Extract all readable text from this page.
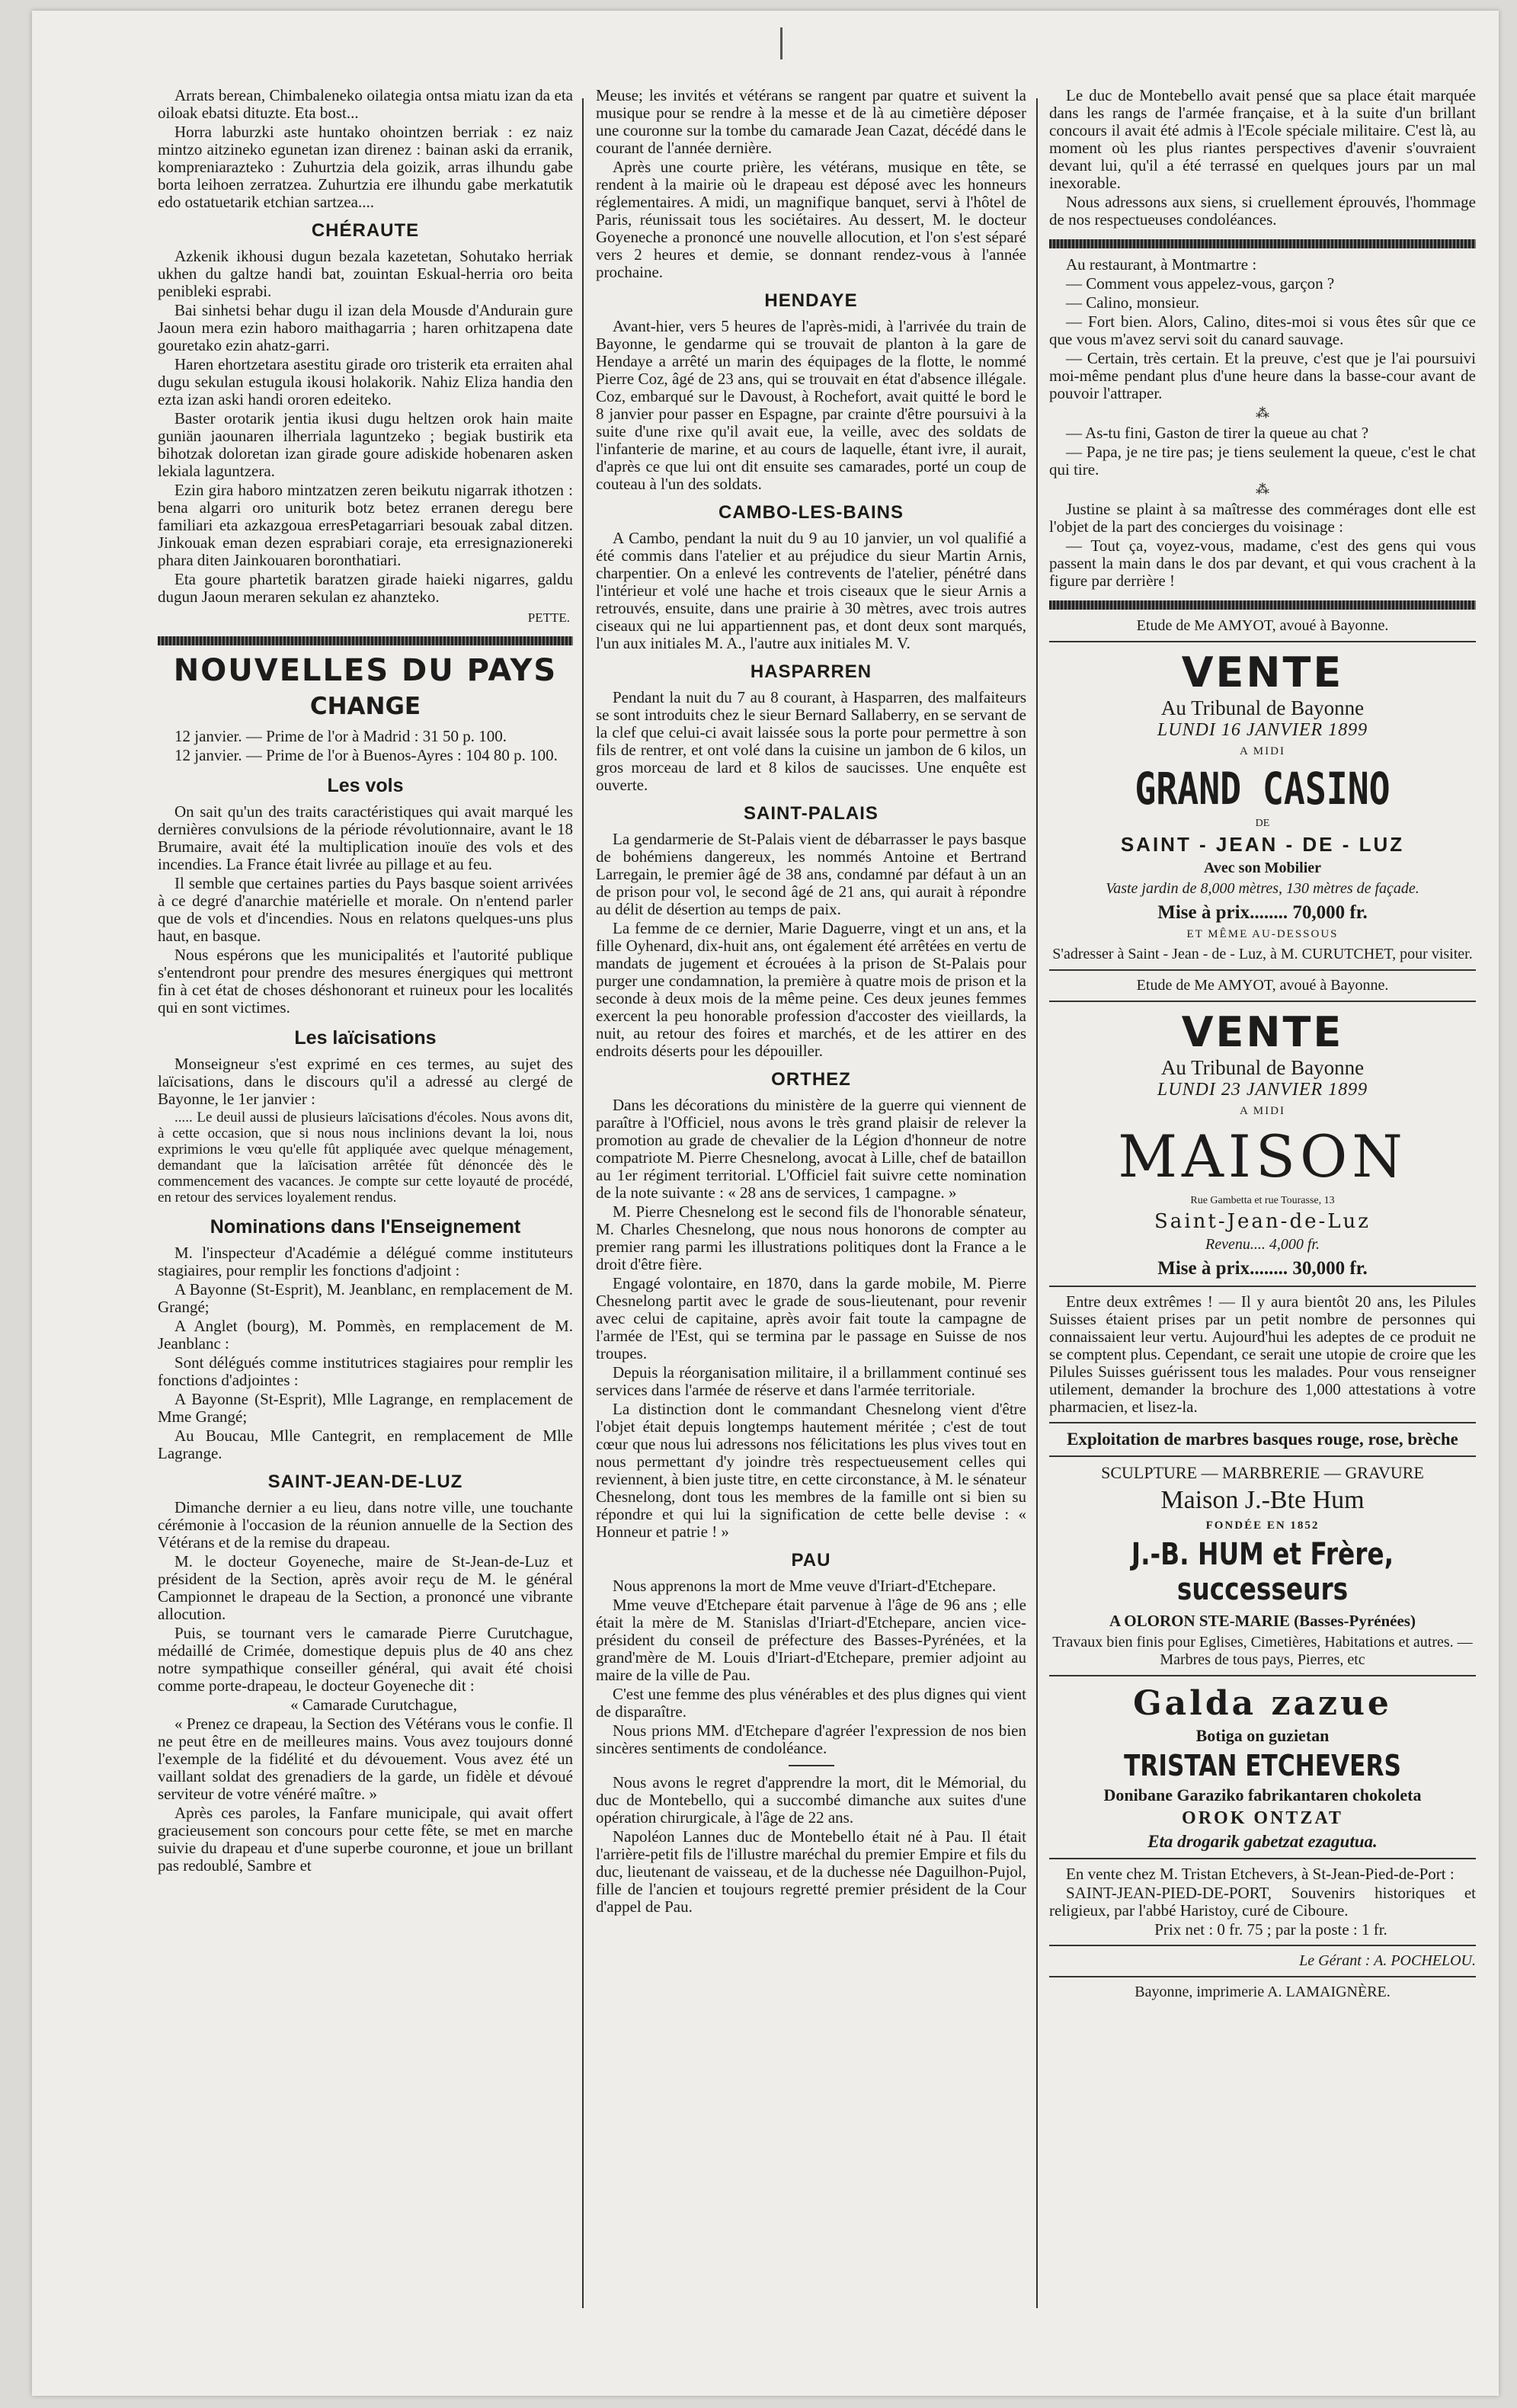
Arrats berean, Chimbaleneko oilategia ontsa miatu izan da eta oiloak ebatsi dituzte. Eta bost...

Horra laburzki aste huntako ohointzen berriak : ez naiz mintzo aitzineko egunetan izan direnez : bainan aski da erranik, kompreniarazteko : Zuhurtzia dela goizik, arras ilhundu gabe borta leihoen zerratzea. Zuhurtzia ere ilhundu gabe merkatutik edo ostatuetarik etchian sartzea....

CHÉRAUTE

Azkenik ikhousi dugun bezala kazetetan, Sohutako herriak ukhen du galtze handi bat, zouintan Eskual-herria oro beita penibleki esprabi.

Bai sinhetsi behar dugu il izan dela Mousde d'Andurain gure Jaoun mera ezin haboro maithagarria ; haren orhitzapena date gouretako ezin ahatz-garri.

Haren ehortzetara asestitu girade oro tristerik eta erraiten ahal dugu sekulan estugula ikousi holakorik. Nahiz Eliza handia den ezta izan aski handi ororen edeiteko.

Baster orotarik jentia ikusi dugu heltzen orok hain maite guniän jaounaren ilherriala laguntzeko ; begiak bustirik eta bihotzak doloretan izan girade goure adiskide hobenaren asken lekiala laguntzera.

Ezin gira haboro mintzatzen zeren beikutu nigarrak ithotzen : bena algarri oro uniturik botz betez erranen deregu bere familiari eta azkazgoua erresPetagarriari besouak zabal ditzen. Jinkouak eman dezen esprabiari coraje, eta erresignazionereki phara diten Jainkouaren boronthatiari.

Eta goure phartetik baratzen girade haieki nigarres, galdu dugun Jaoun meraren sekulan ez ahanzteko.

PETTE.
NOUVELLES DU PAYS
CHANGE

12 janvier. — Prime de l'or à Madrid : 31 50 p. 100.

12 janvier. — Prime de l'or à Buenos-Ayres : 104 80 p. 100.

Les vols

On sait qu'un des traits caractéristiques qui avait marqué les dernières convulsions de la période révolutionnaire, avant le 18 Brumaire, avait été la multiplication inouïe des vols et des incendies. La France était livrée au pillage et au feu.

Il semble que certaines parties du Pays basque soient arrivées à ce degré d'anarchie matérielle et morale. On n'entend parler que de vols et d'incendies. Nous en relatons quelques-uns plus haut, en basque.

Nous espérons que les municipalités et l'autorité publique s'entendront pour prendre des mesures énergiques qui mettront fin à cet état de choses déshonorant et ruineux pour les localités qui en sont victimes.

Les laïcisations

Monseigneur s'est exprimé en ces termes, au sujet des laïcisations, dans le discours qu'il a adressé au clergé de Bayonne, le 1er janvier :

..... Le deuil aussi de plusieurs laïcisations d'écoles. Nous avons dit, à cette occasion, que si nous nous inclinions devant la loi, nous exprimions le vœu qu'elle fût appliquée avec quelque ménagement, demandant que la laïcisation arrêtée fût dénoncée dès le commencement des vacances. Je compte sur cette loyauté de procédé, en retour des services loyalement rendus.

Nominations dans l'Enseignement

M. l'inspecteur d'Académie a délégué comme instituteurs stagiaires, pour remplir les fonctions d'adjoint :

A Bayonne (St-Esprit), M. Jeanblanc, en remplacement de M. Grangé;

A Anglet (bourg), M. Pommès, en remplacement de M. Jeanblanc :

Sont délégués comme institutrices stagiaires pour remplir les fonctions d'adjointes :

A Bayonne (St-Esprit), Mlle Lagrange, en remplacement de Mme Grangé;

Au Boucau, Mlle Cantegrit, en remplacement de Mlle Lagrange.

SAINT-JEAN-DE-LUZ

Dimanche dernier a eu lieu, dans notre ville, une touchante cérémonie à l'occasion de la réunion annuelle de la Section des Vétérans et de la remise du drapeau.

M. le docteur Goyeneche, maire de St-Jean-de-Luz et président de la Section, après avoir reçu de M. le général Campionnet le drapeau de la Section, a prononcé une vibrante allocution.

Puis, se tournant vers le camarade Pierre Curutchague, médaillé de Crimée, domestique depuis plus de 40 ans chez notre sympathique conseiller général, qui avait été choisi comme porte-drapeau, le docteur Goyeneche dit :

« Camarade Curutchague,

« Prenez ce drapeau, la Section des Vétérans vous le confie. Il ne peut être en de meilleures mains. Vous avez toujours donné l'exemple de la fidélité et du dévouement. Vous avez été un vaillant soldat des grenadiers de la garde, un fidèle et dévoué serviteur de votre vénéré maître. »

Après ces paroles, la Fanfare municipale, qui avait offert gracieusement son concours pour cette fête, se met en marche suivie du drapeau et d'une superbe couronne, et joue un brillant pas redoublé, Sambre et

Meuse; les invités et vétérans se rangent par quatre et suivent la musique pour se rendre à la messe et de là au cimetière déposer une couronne sur la tombe du camarade Jean Cazat, décédé dans le courant de l'année dernière.

Après une courte prière, les vétérans, musique en tête, se rendent à la mairie où le drapeau est déposé avec les honneurs réglementaires. A midi, un magnifique banquet, servi à l'hôtel de Paris, réunissait tous les sociétaires. Au dessert, M. le docteur Goyeneche a prononcé une nouvelle allocution, et l'on s'est séparé vers 2 heures et demie, se donnant rendez-vous à l'année prochaine.

HENDAYE

Avant-hier, vers 5 heures de l'après-midi, à l'arrivée du train de Bayonne, le gendarme qui se trouvait de planton à la gare de Hendaye a arrêté un marin des équipages de la flotte, le nommé Pierre Coz, âgé de 23 ans, qui se trouvait en état d'absence illégale. Coz, embarqué sur le Davoust, à Rochefort, avait quitté le bord le 8 janvier pour passer en Espagne, par crainte d'être poursuivi à la suite d'une rixe qu'il avait eue, la veille, avec des soldats de l'infanterie de marine, et au cours de laquelle, étant ivre, il aurait, d'après ce que lui ont dit ensuite ses camarades, porté un coup de couteau à l'un des soldats.

CAMBO-LES-BAINS

A Cambo, pendant la nuit du 9 au 10 janvier, un vol qualifié a été commis dans l'atelier et au préjudice du sieur Martin Arnis, charpentier. On a enlevé les contrevents de l'atelier, pénétré dans l'intérieur et volé une hache et trois ciseaux que le sieur Arnis a retrouvés, ensuite, dans une prairie à 30 mètres, avec trois autres ciseaux qui ne lui appartiennent pas, et dont deux sont marqués, l'un aux initiales M. A., l'autre aux initiales M. V.

HASPARREN

Pendant la nuit du 7 au 8 courant, à Hasparren, des malfaiteurs se sont introduits chez le sieur Bernard Sallaberry, en se servant de la clef que celui-ci avait laissée sous la porte pour permettre à son fils de rentrer, et ont volé dans la cuisine un jambon de 6 kilos, un gros morceau de lard et 8 kilos de saucisses. Une enquête est ouverte.

SAINT-PALAIS

La gendarmerie de St-Palais vient de débarrasser le pays basque de bohémiens dangereux, les nommés Antoine et Bertrand Larregain, le premier âgé de 38 ans, condamné par défaut à un an de prison pour vol, le second âgé de 21 ans, qui aurait à répondre au délit de désertion au temps de paix.

La femme de ce dernier, Marie Daguerre, vingt et un ans, et la fille Oyhenard, dix-huit ans, ont également été arrêtées en vertu de mandats de jugement et écrouées à la prison de St-Palais pour purger une condamnation, la première à quatre mois de prison et la seconde à deux mois de la même peine. Ces deux jeunes femmes exercent la peu honorable profession d'accoster des vieillards, la nuit, au retour des foires et marchés, et de les attirer en des endroits déserts pour les dépouiller.

ORTHEZ

Dans les décorations du ministère de la guerre qui viennent de paraître à l'Officiel, nous avons le très grand plaisir de relever la promotion au grade de chevalier de la Légion d'honneur de notre compatriote M. Pierre Chesnelong, avocat à Lille, chef de bataillon au 1er régiment territorial. L'Officiel fait suivre cette nomination de la note suivante : « 28 ans de services, 1 campagne. »

M. Pierre Chesnelong est le second fils de l'honorable sénateur, M. Charles Chesnelong, que nous nous honorons de compter au premier rang parmi les illustrations politiques dont la France a le droit d'être fière.

Engagé volontaire, en 1870, dans la garde mobile, M. Pierre Chesnelong partit avec le grade de sous-lieutenant, pour revenir avec celui de capitaine, après avoir fait toute la campagne de l'armée de l'Est, qui se termina par le passage en Suisse de nos troupes.

Depuis la réorganisation militaire, il a brillamment continué ses services dans l'armée de réserve et dans l'armée territoriale.

La distinction dont le commandant Chesnelong vient d'être l'objet était depuis longtemps hautement méritée ; c'est de tout cœur que nous lui adressons nos félicitations les plus vives tout en nous permettant d'y joindre très respectueusement celles qui reviennent, à bien juste titre, en cette circonstance, à M. le sénateur Chesnelong, dont tous les membres de la famille ont si bien su répondre et qui lui la signification de cette belle devise : « Honneur et patrie ! »

PAU

Nous apprenons la mort de Mme veuve d'Iriart-d'Etchepare.

Mme veuve d'Etchepare était parvenue à l'âge de 96 ans ; elle était la mère de M. Stanislas d'Iriart-d'Etchepare, ancien vice-président du conseil de préfecture des Basses-Pyrénées, et la grand'mère de M. Louis d'Iriart-d'Etchepare, premier adjoint au maire de la ville de Pau.

C'est une femme des plus vénérables et des plus dignes qui vient de disparaître.

Nous prions MM. d'Etchepare d'agréer l'expression de nos bien sincères sentiments de condoléance.

Nous avons le regret d'apprendre la mort, dit le Mémorial, du duc de Montebello, qui a succombé dimanche aux suites d'une opération chirurgicale, à l'âge de 22 ans.

Napoléon Lannes duc de Montebello était né à Pau. Il était l'arrière-petit fils de l'illustre maréchal du premier Empire et fils du duc, lieutenant de vaisseau, et de la duchesse née Daguilhon-Pujol, fille de l'ancien et toujours regretté premier président de la Cour d'appel de Pau.

Le duc de Montebello avait pensé que sa place était marquée dans les rangs de l'armée française, et à la suite d'un brillant concours il avait été admis à l'Ecole spéciale militaire. C'est là, au moment où les plus riantes perspectives d'avenir s'ouvraient devant lui, qu'il a été terrassé en quelques jours par un mal inexorable.

Nous adressons aux siens, si cruellement éprouvés, l'hommage de nos respectueuses condoléances.

Au restaurant, à Montmartre :

— Comment vous appelez-vous, garçon ?

— Calino, monsieur.

— Fort bien. Alors, Calino, dites-moi si vous êtes sûr que ce que vous m'avez servi soit du canard sauvage.

— Certain, très certain. Et la preuve, c'est que je l'ai poursuivi moi-même pendant plus d'une heure dans la basse-cour avant de pouvoir l'attraper.

⁂

— As-tu fini, Gaston de tirer la queue au chat ?

— Papa, je ne tire pas; je tiens seulement la queue, c'est le chat qui tire.

⁂

Justine se plaint à sa maîtresse des commérages dont elle est l'objet de la part des concierges du voisinage :

— Tout ça, voyez-vous, madame, c'est des gens qui vous passent la main dans le dos par devant, et qui vous crachent à la figure par derrière !

Etude de Me AMYOT, avoué à Bayonne.
VENTE
Au Tribunal de Bayonne
LUNDI 16 JANVIER 1899
A MIDI
GRAND CASINO
DE
SAINT - JEAN - DE - LUZ
Avec son Mobilier
Vaste jardin de 8,000 mètres, 130 mètres de façade.
Mise à prix........ 70,000 fr.
ET MÊME AU-DESSOUS
S'adresser à Saint - Jean - de - Luz, à M. CURUTCHET, pour visiter.
Etude de Me AMYOT, avoué à Bayonne.
VENTE
Au Tribunal de Bayonne
LUNDI 23 JANVIER 1899
A MIDI
MAISON
Rue Gambetta et rue Tourasse, 13
Saint-Jean-de-Luz
Revenu.... 4,000 fr.
Mise à prix........ 30,000 fr.

Entre deux extrêmes ! — Il y aura bientôt 20 ans, les Pilules Suisses étaient prises par un petit nombre de personnes qui connaissaient leur vertu. Aujourd'hui les adeptes de ce produit ne se comptent plus. Cependant, ce serait une utopie de croire que les Pilules Suisses guérissent tous les malades. Pour vous renseigner utilement, demander la brochure des 1,000 attestations à votre pharmacien, et lisez-la.

Exploitation de marbres basques rouge, rose, brèche
SCULPTURE — MARBRERIE — GRAVURE
Maison J.-Bte Hum
FONDÉE EN 1852
J.-B. HUM et Frère, successeurs
A OLORON STE-MARIE (Basses-Pyrénées)
Travaux bien finis pour Eglises, Cimetières, Habitations et autres. — Marbres de tous pays, Pierres, etc
Galda zazue
Botiga on guzietan
TRISTAN ETCHEVERS
Donibane Garaziko fabrikantaren chokoleta
OROK ONTZAT
Eta drogarik gabetzat ezagutua.

En vente chez M. Tristan Etchevers, à St-Jean-Pied-de-Port :

SAINT-JEAN-PIED-DE-PORT, Souvenirs historiques et religieux, par l'abbé Haristoy, curé de Ciboure.

Prix net : 0 fr. 75 ; par la poste : 1 fr.

Le Gérant : A. POCHELOU.
Bayonne, imprimerie A. LAMAIGNÈRE.
